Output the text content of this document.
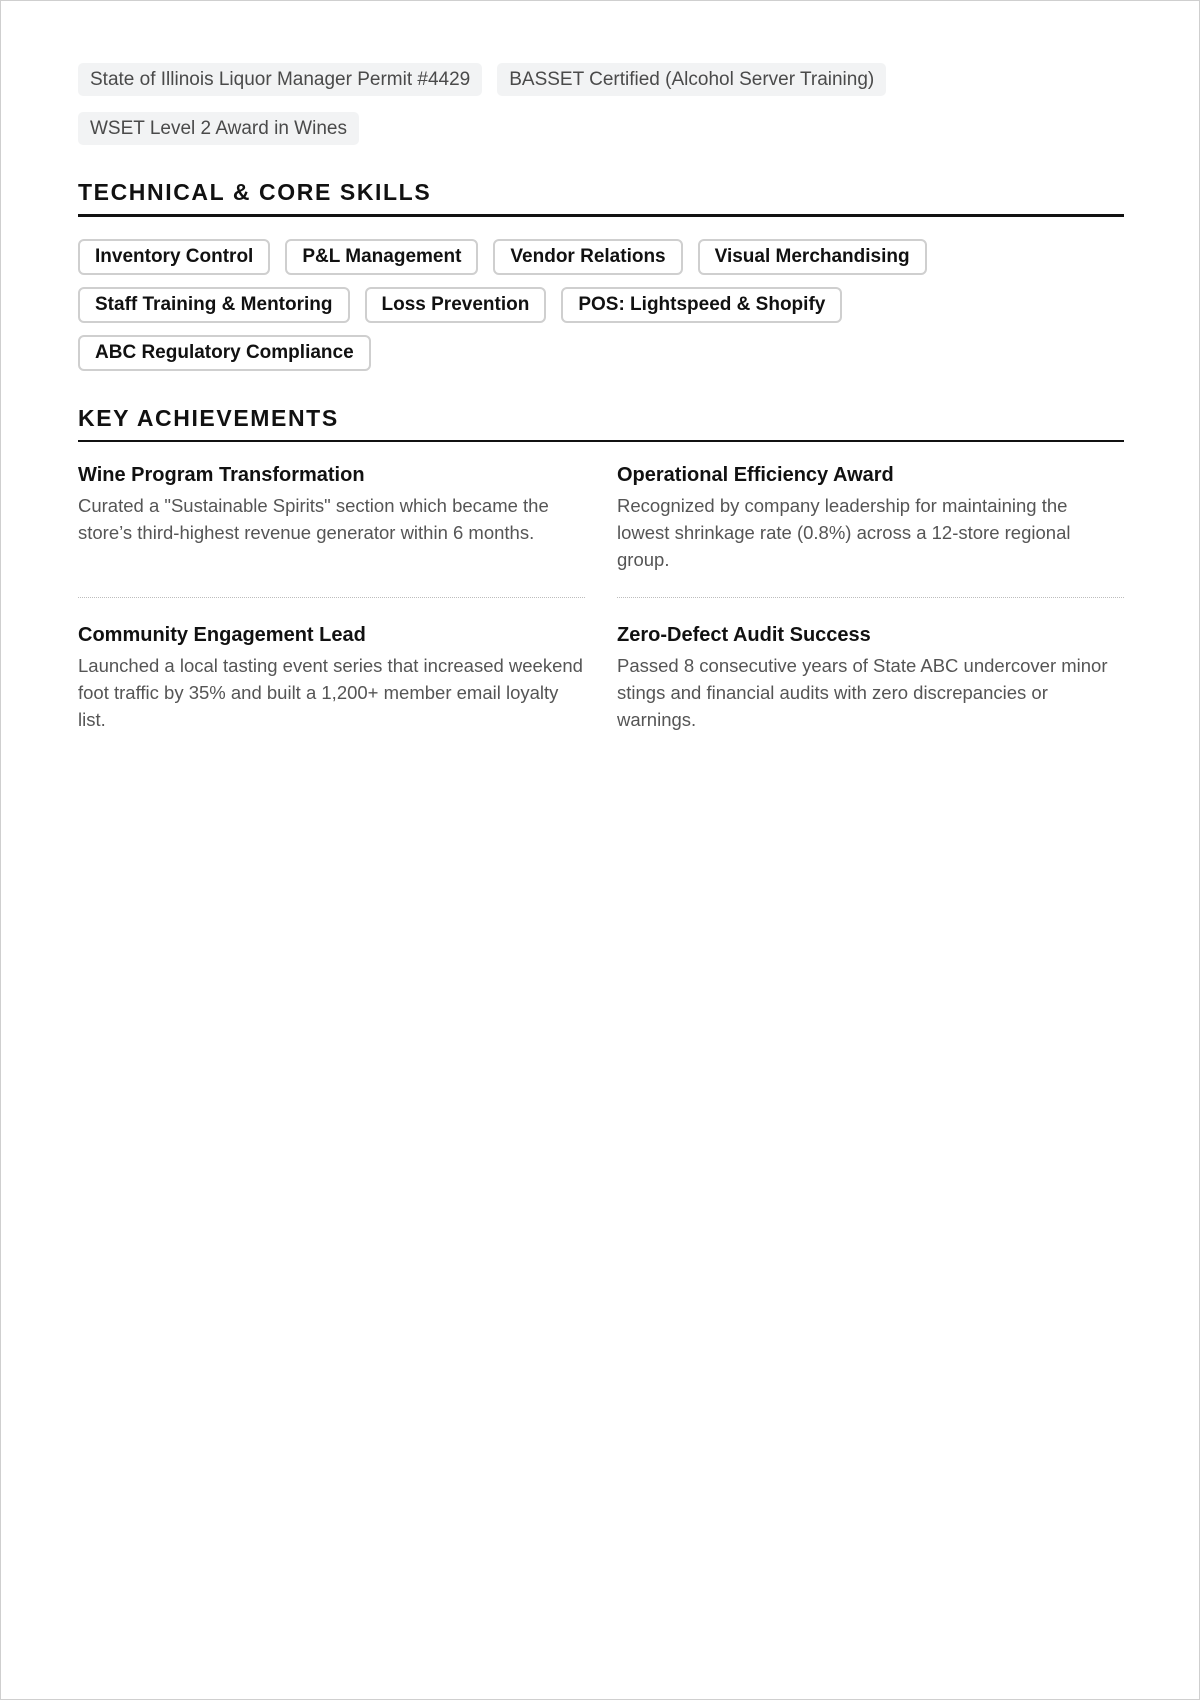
State of Illinois Liquor Manager Permit #4429	BASSET Certified (Alcohol Server Training)
WSET Level 2 Award in Wines
TECHNICAL & CORE SKILLS
Inventory Control	P&L Management	Vendor Relations	Visual Merchandising
Staff Training & Mentoring	Loss Prevention	POS: Lightspeed & Shopify
ABC Regulatory Compliance
KEY ACHIEVEMENTS

Wine Program Transformation

Curated a "Sustainable Spirits" section which became the store’s third-highest revenue generator within 6 months.

Operational Efficiency Award

Recognized by company leadership for maintaining the lowest shrinkage rate (0.8%) across a 12-store regional group.

Community Engagement Lead

Launched a local tasting event series that increased weekend foot traffic by 35% and built a 1,200+ member email loyalty list.

Zero-Defect Audit Success

Passed 8 consecutive years of State ABC undercover minor stings and financial audits with zero discrepancies or warnings.
